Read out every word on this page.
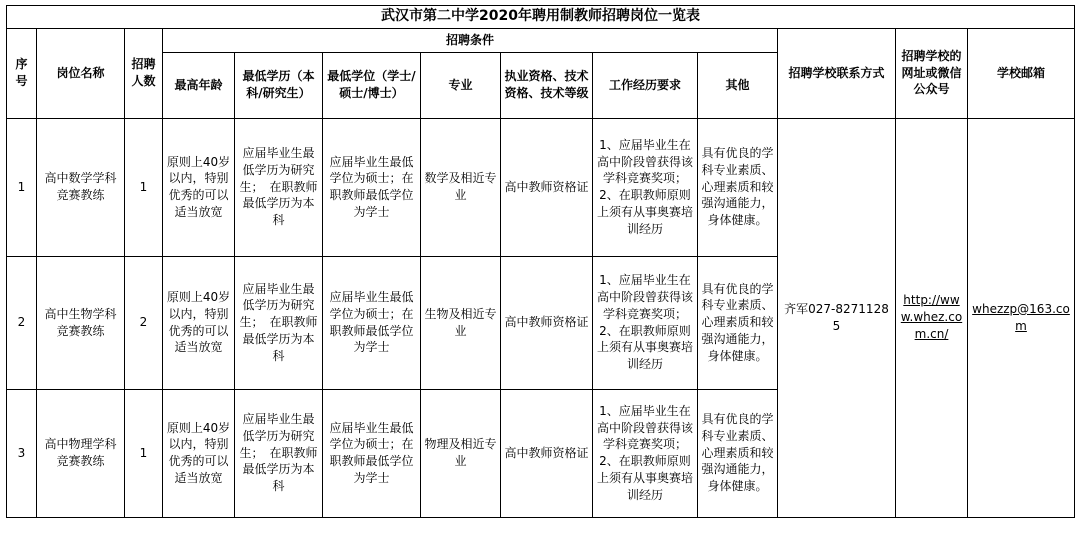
武汉市第二中学2020年聘用制教师招聘岗位一览表												
序号	岗位名称	招聘人数	招聘条件							招聘学校联系方式	招聘学校的网址或微信公众号	学校邮箱
			最高年龄	最低学历（本科/研究生）	最低学位（学士/硕士/博士）	专业	执业资格、技术资格、技术等级	工作经历要求	其他			
1	高中数学学科竞赛教练	1	原则上40岁以内，特别优秀的可以适当放宽	应届毕业生最低学历为研究生；　在职教师最低学历为本科	应届毕业生最低学位为硕士；在职教师最低学位为学士	数学及相近专业	高中教师资格证	1、应届毕业生在高中阶段曾获得该学科竞赛奖项；2、在职教师原则上须有从事奥赛培训经历	具有优良的学科专业素质、心理素质和较强沟通能力，身体健康。	齐军027-82711285	http://www.whez.com.cn/	whezzp@163.com
2	高中生物学科竞赛教练	2	原则上40岁以内，特别优秀的可以适当放宽	应届毕业生最低学历为研究生；　在职教师最低学历为本科	应届毕业生最低学位为硕士；在职教师最低学位为学士	生物及相近专业	高中教师资格证	1、应届毕业生在高中阶段曾获得该学科竞赛奖项；2、在职教师原则上须有从事奥赛培训经历	具有优良的学科专业素质、心理素质和较强沟通能力，身体健康。			
3	高中物理学科竞赛教练	1	原则上40岁以内，特别优秀的可以适当放宽	应届毕业生最低学历为研究生；　在职教师最低学历为本科	应届毕业生最低学位为硕士；在职教师最低学位为学士	物理及相近专业	高中教师资格证	1、应届毕业生在高中阶段曾获得该学科竞赛奖项；2、在职教师原则上须有从事奥赛培训经历	具有优良的学科专业素质、心理素质和较强沟通能力，身体健康。			
